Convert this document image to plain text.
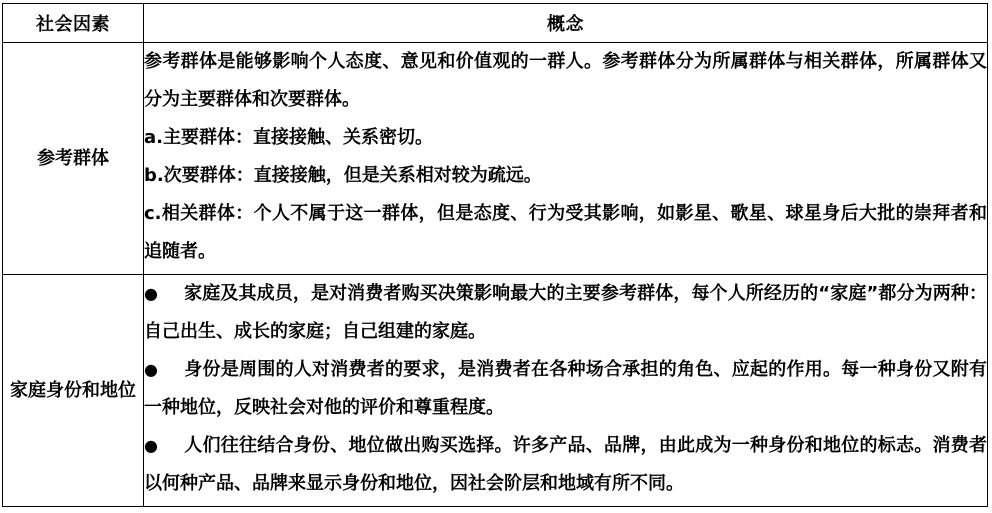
社会因素	概念
参考群体	参考群体是能够影响个人态度、意见和价值观的一群人。参考群体分为所属群体与相关群体，所属群体又分为主要群体和次要群体。

a.主要群体：直接接触、关系密切。

b.次要群体：直接接触，但是关系相对较为疏远。

c.相关群体：个人不属于这一群体，但是态度、行为受其影响，如影星、歌星、球星身后大批的崇拜者和追随者。

家庭身份和地位	● 家庭及其成员，是对消费者购买决策影响最大的主要参考群体，每个人所经历的“家庭”都分为两种：自己出生、成长的家庭；自己组建的家庭。

● 身份是周围的人对消费者的要求，是消费者在各种场合承担的角色、应起的作用。每一种身份又附有一种地位，反映社会对他的评价和尊重程度。

● 人们往往结合身份、地位做出购买选择。许多产品、品牌，由此成为一种身份和地位的标志。消费者以何种产品、品牌来显示身份和地位，因社会阶层和地域有所不同。
